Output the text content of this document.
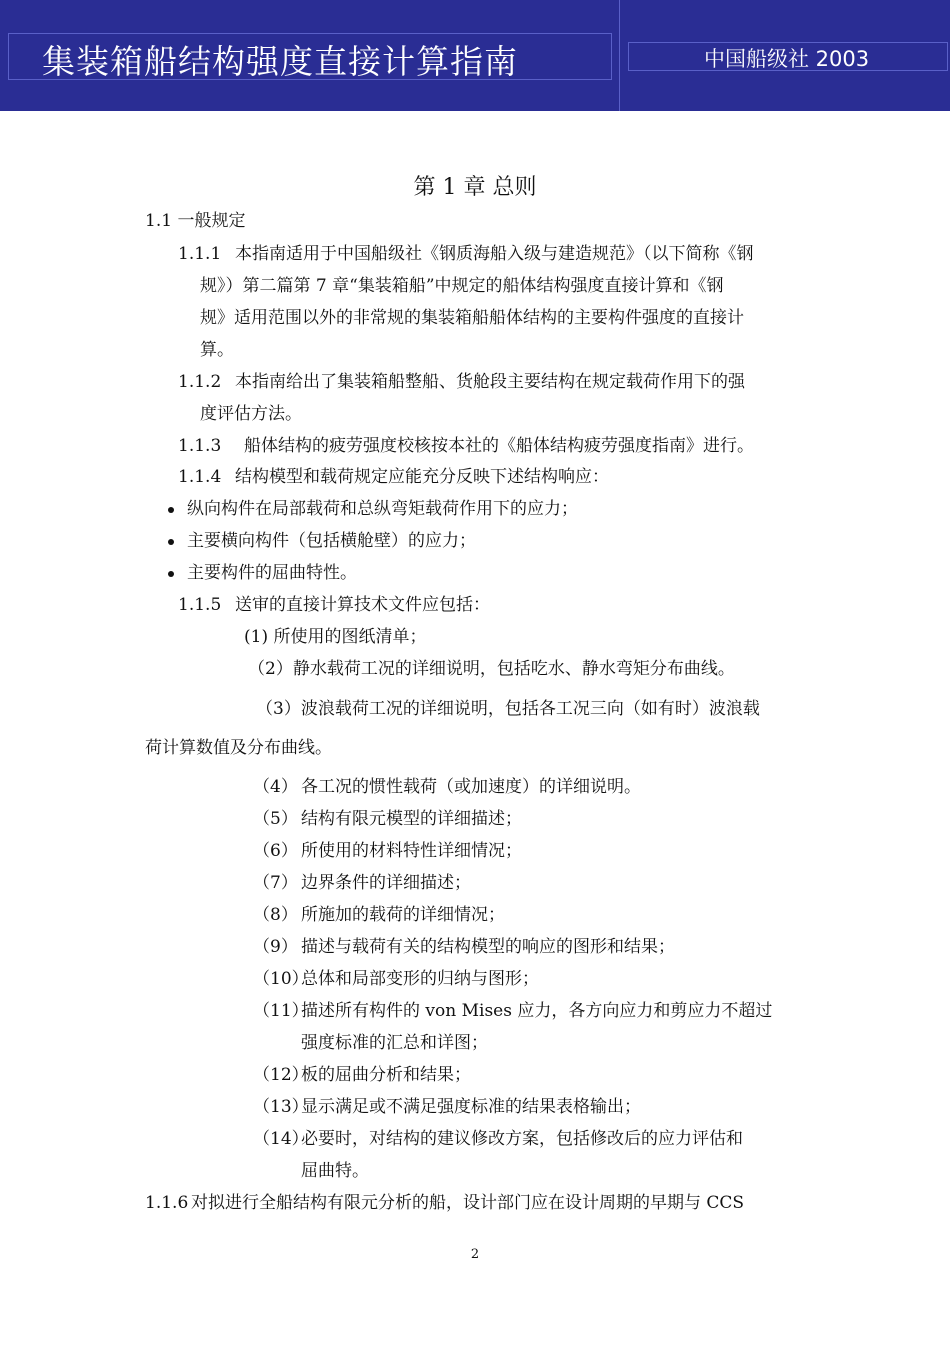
集装箱船结构强度直接计算指南	中国船级社 2003
第 1 章 总则
1.1 一般规定
1.1.1 本指南适用于中国船级社《钢质海船入级与建造规范》（以下简称《钢
规》）第二篇第 7 章“集装箱船”中规定的船体结构强度直接计算和《钢
规》适用范围以外的非常规的集装箱船船体结构的主要构件强度的直接计
算。
1.1.2 本指南给出了集装箱船整船、货舱段主要结构在规定载荷作用下的强
度评估方法。
1.1.3 船体结构的疲劳强度校核按本社的《船体结构疲劳强度指南》进行。
1.1.4 结构模型和载荷规定应能充分反映下述结构响应：
纵向构件在局部载荷和总纵弯矩载荷作用下的应力；
主要横向构件（包括横舱壁）的应力；
主要构件的屈曲特性。
1.1.5 送审的直接计算技术文件应包括：
(1) 所使用的图纸清单；
（2）静水载荷工况的详细说明，包括吃水、静水弯矩分布曲线。
（3）波浪载荷工况的详细说明，包括各工况三向（如有时）波浪载
荷计算数值及分布曲线。
（4） 各工况的惯性载荷（或加速度）的详细说明。
（5） 结构有限元模型的详细描述；
（6） 所使用的材料特性详细情况；
（7） 边界条件的详细描述；
（8） 所施加的载荷的详细情况；
（9） 描述与载荷有关的结构模型的响应的图形和结果；
（10）
总体和局部变形的归纳与图形；
（11）
描述所有构件的 von Mises 应力，各方向应力和剪应力不超过
强度标准的汇总和详图；
（12）
板的屈曲分析和结果；
（13）
显示满足或不满足强度标准的结果表格输出；
（14）
必要时，对结构的建议修改方案，包括修改后的应力评估和
屈曲特。
1.1.6 对拟进行全船结构有限元分析的船，设计部门应在设计周期的早期与 CCS
2
